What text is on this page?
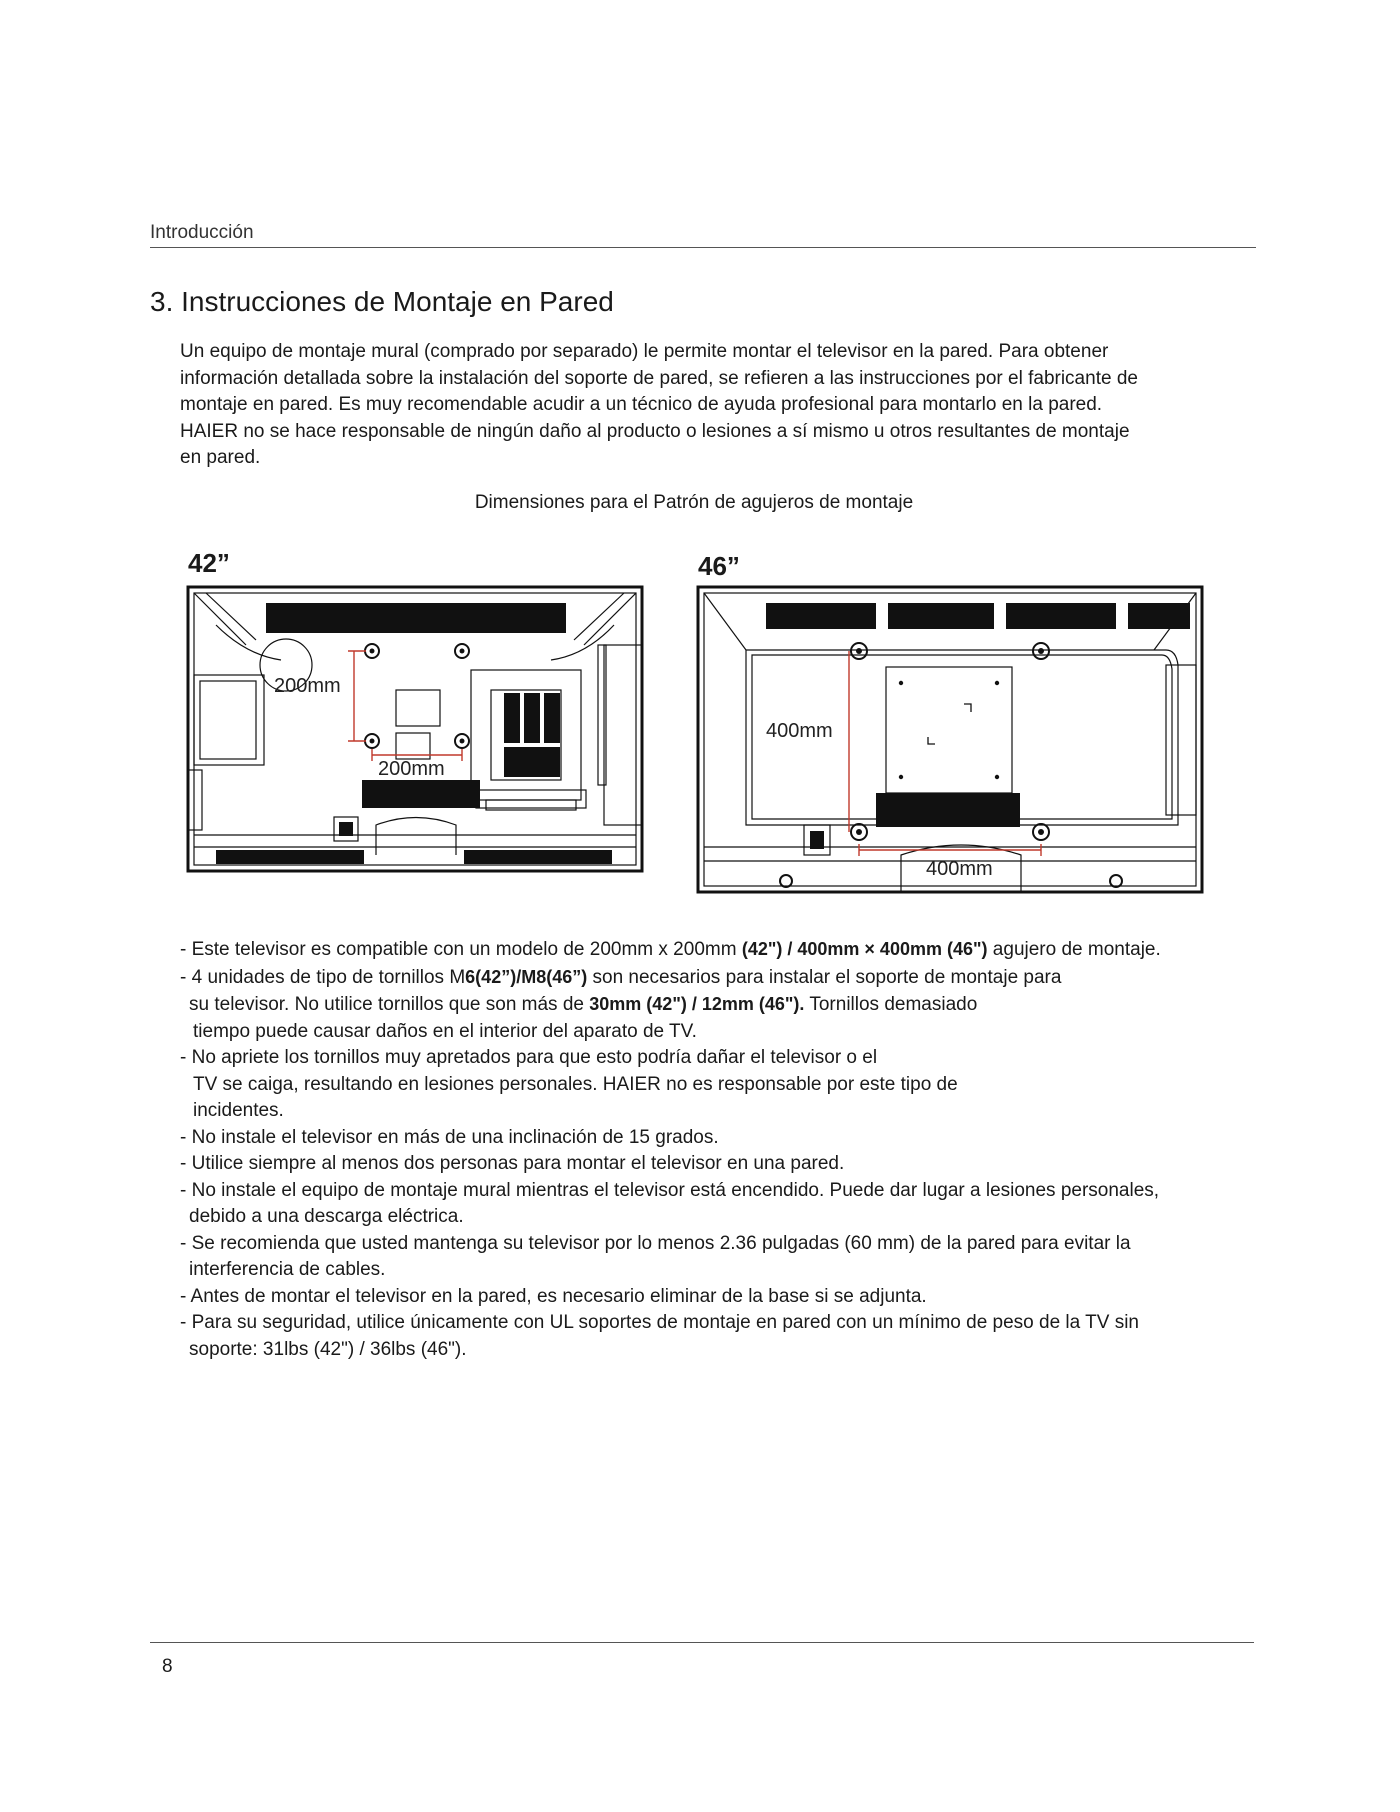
Introducción
3. Instrucciones de Montaje en Pared
Un equipo de montaje mural (comprado por separado) le permite montar el televisor en la pared. Para obtener
información detallada sobre la instalación del soporte de pared, se refieren a las instrucciones por el fabricante de
montaje en pared. Es muy recomendable acudir a un técnico de ayuda profesional para montarlo en la pared.
HAIER no se hace responsable de ningún daño al producto o lesiones a sí mismo u otros resultantes de montaje
en pared.
Dimensiones para el Patrón de agujeros de montaje
42”	46”
200mm
200mm
400mm
400mm
- Este televisor es compatible con un modelo de 200mm x 200mm (42") / 400mm × 400mm (46") agujero de montaje.
- 4 unidades de tipo de tornillos M6(42”)/M8(46”) son necesarios para instalar el soporte de montaje para
su televisor. No utilice tornillos que son más de 30mm (42") / 12mm (46"). Tornillos demasiado
tiempo puede causar daños en el interior del aparato de TV.
- No apriete los tornillos muy apretados para que esto podría dañar el televisor o el
TV se caiga, resultando en lesiones personales. HAIER no es responsable por este tipo de
incidentes.
- No instale el televisor en más de una inclinación de 15 grados.
- Utilice siempre al menos dos personas para montar el televisor en una pared.
- No instale el equipo de montaje mural mientras el televisor está encendido. Puede dar lugar a lesiones personales,
debido a una descarga eléctrica.
- Se recomienda que usted mantenga su televisor por lo menos 2.36 pulgadas (60 mm) de la pared para evitar la
interferencia de cables.
- Antes de montar el televisor en la pared, es necesario eliminar de la base si se adjunta.
- Para su seguridad, utilice únicamente con UL soportes de montaje en pared con un mínimo de peso de la TV sin
soporte: 31lbs (42") / 36lbs (46").
8
